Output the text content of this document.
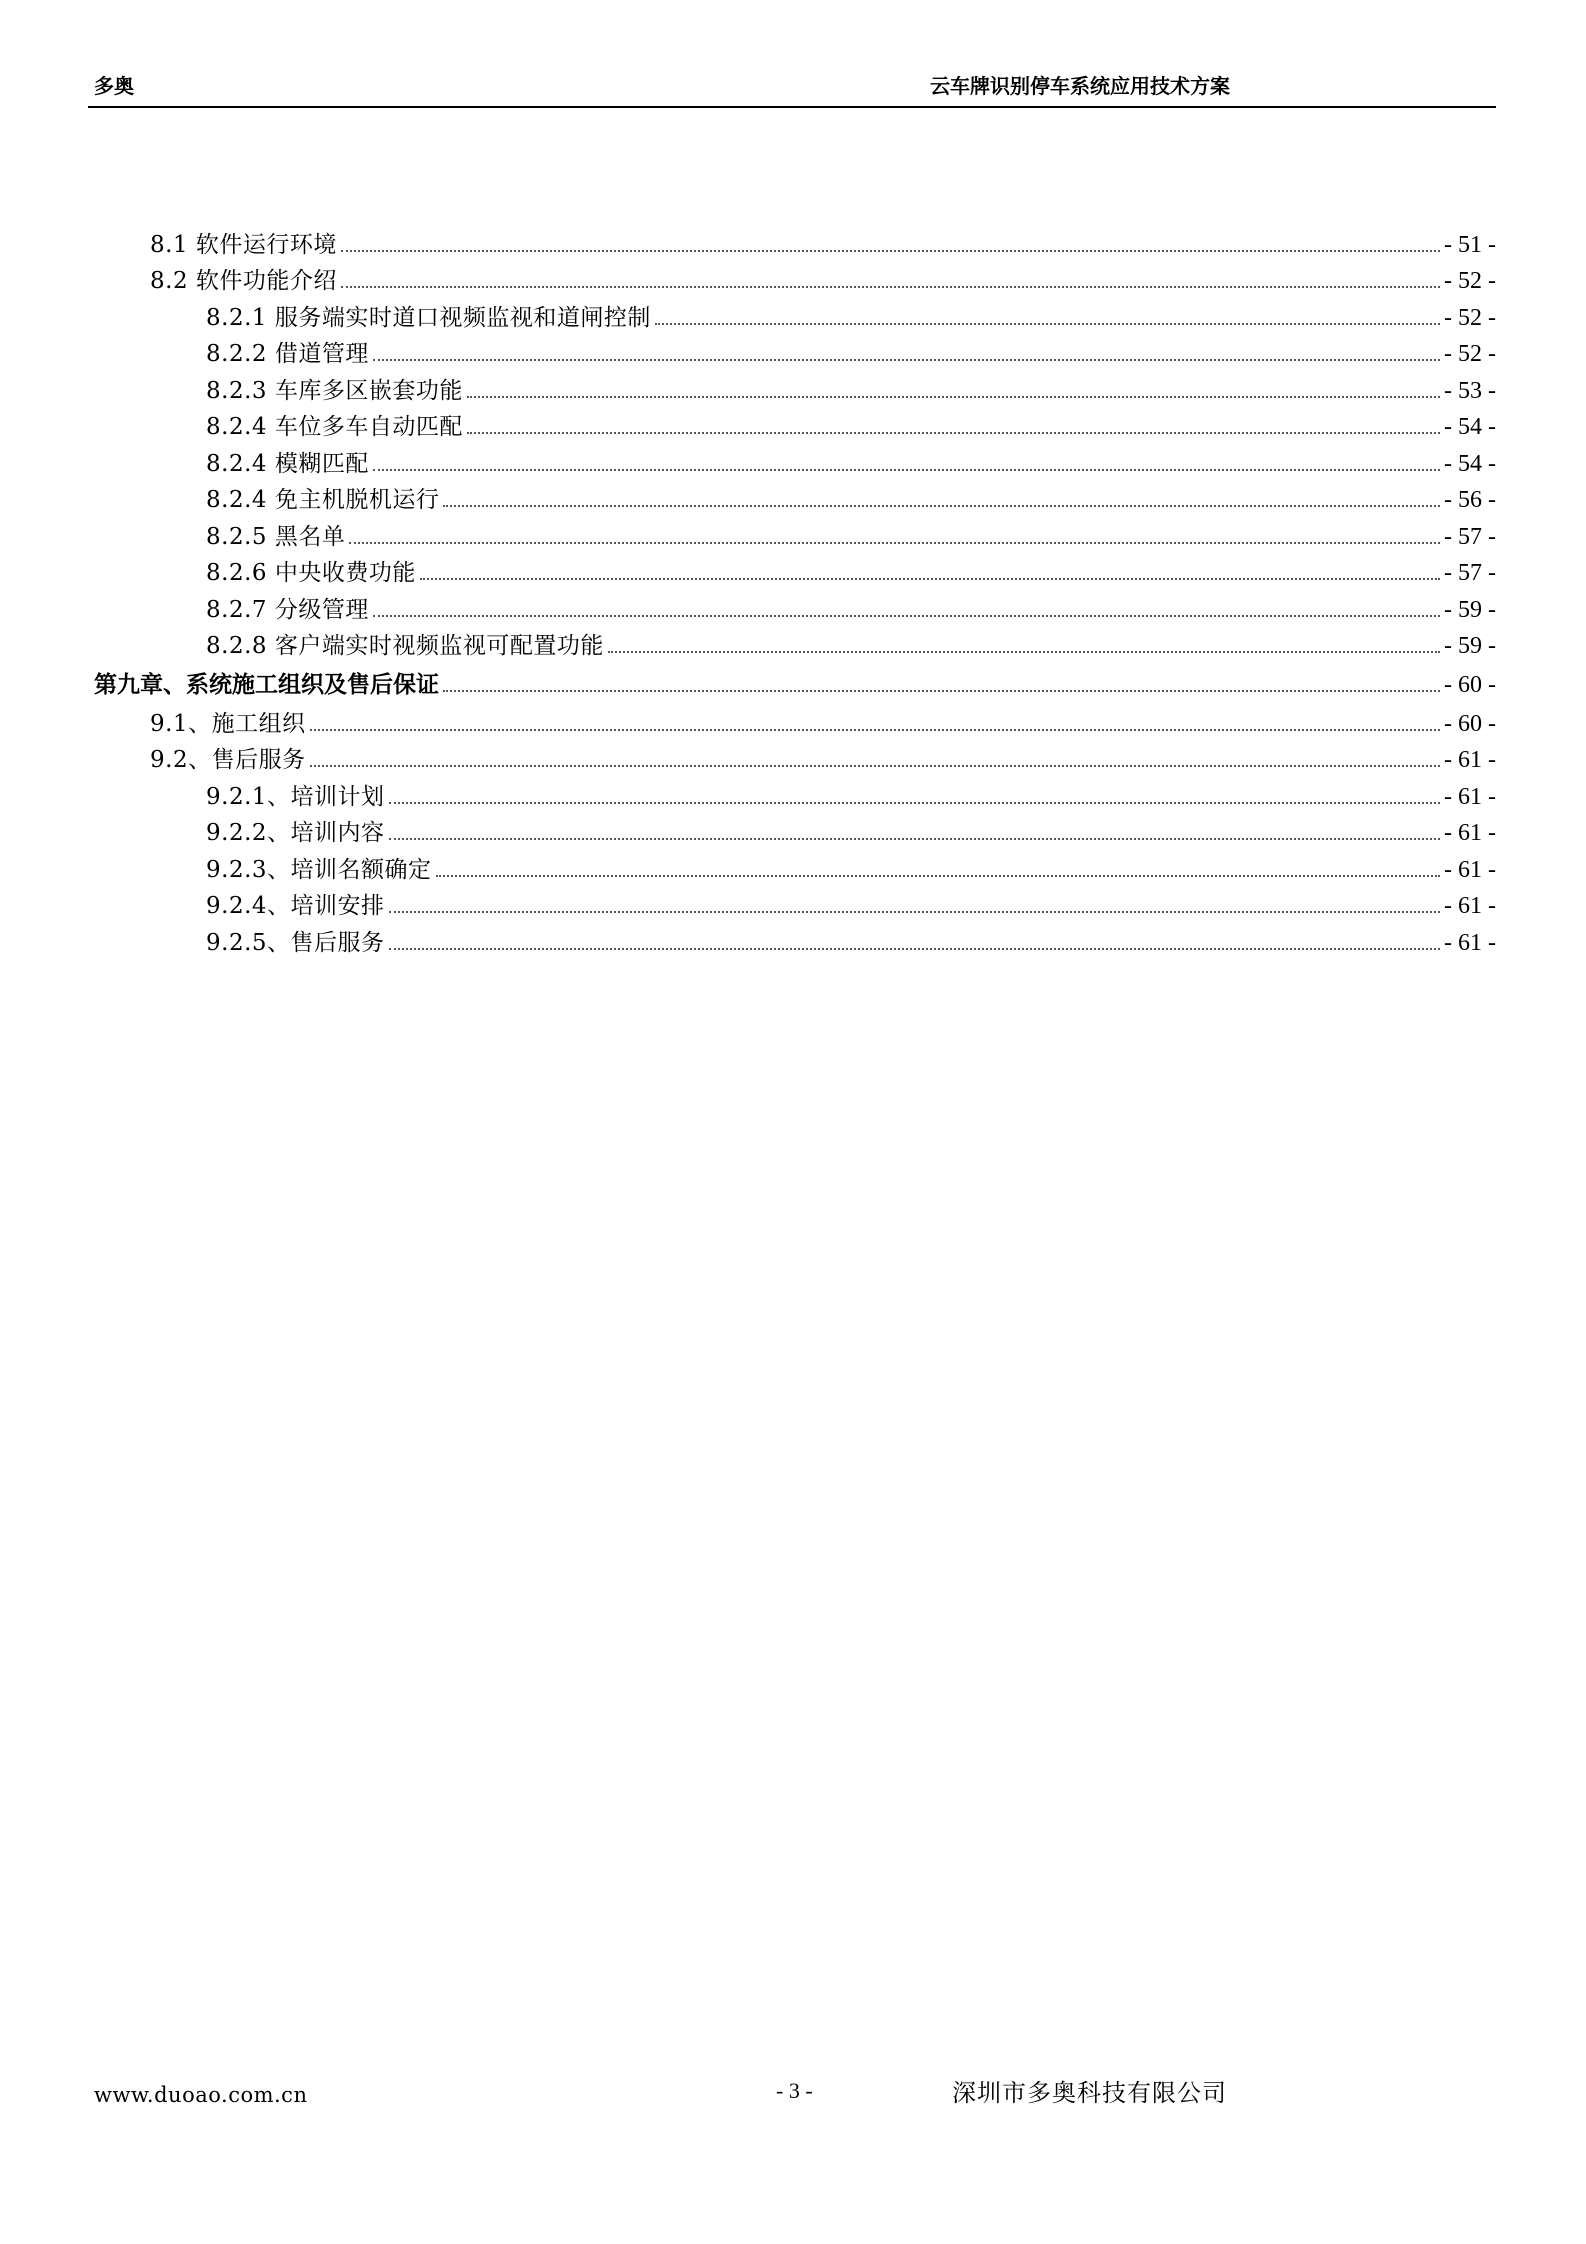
多奥	云车牌识别停车系统应用技术方案
8.1 软件运行环境	- 51 -
8.2 软件功能介绍	- 52 -
8.2.1 服务端实时道口视频监视和道闸控制	- 52 -
8.2.2 借道管理	- 52 -
8.2.3 车库多区嵌套功能	- 53 -
8.2.4 车位多车自动匹配	- 54 -
8.2.4 模糊匹配	- 54 -
8.2.4 免主机脱机运行	- 56 -
8.2.5 黑名单	- 57 -
8.2.6 中央收费功能	- 57 -
8.2.7 分级管理	- 59 -
8.2.8 客户端实时视频监视可配置功能	- 59 -
第九章、系统施工组织及售后保证	- 60 -
9.1、施工组织	- 60 -
9.2、售后服务	- 61 -
9.2.1、培训计划	- 61 -
9.2.2、培训内容	- 61 -
9.2.3、培训名额确定	- 61 -
9.2.4、培训安排	- 61 -
9.2.5、售后服务	- 61 -
www.duoao.com.cn	- 3 -	深圳市多奥科技有限公司
